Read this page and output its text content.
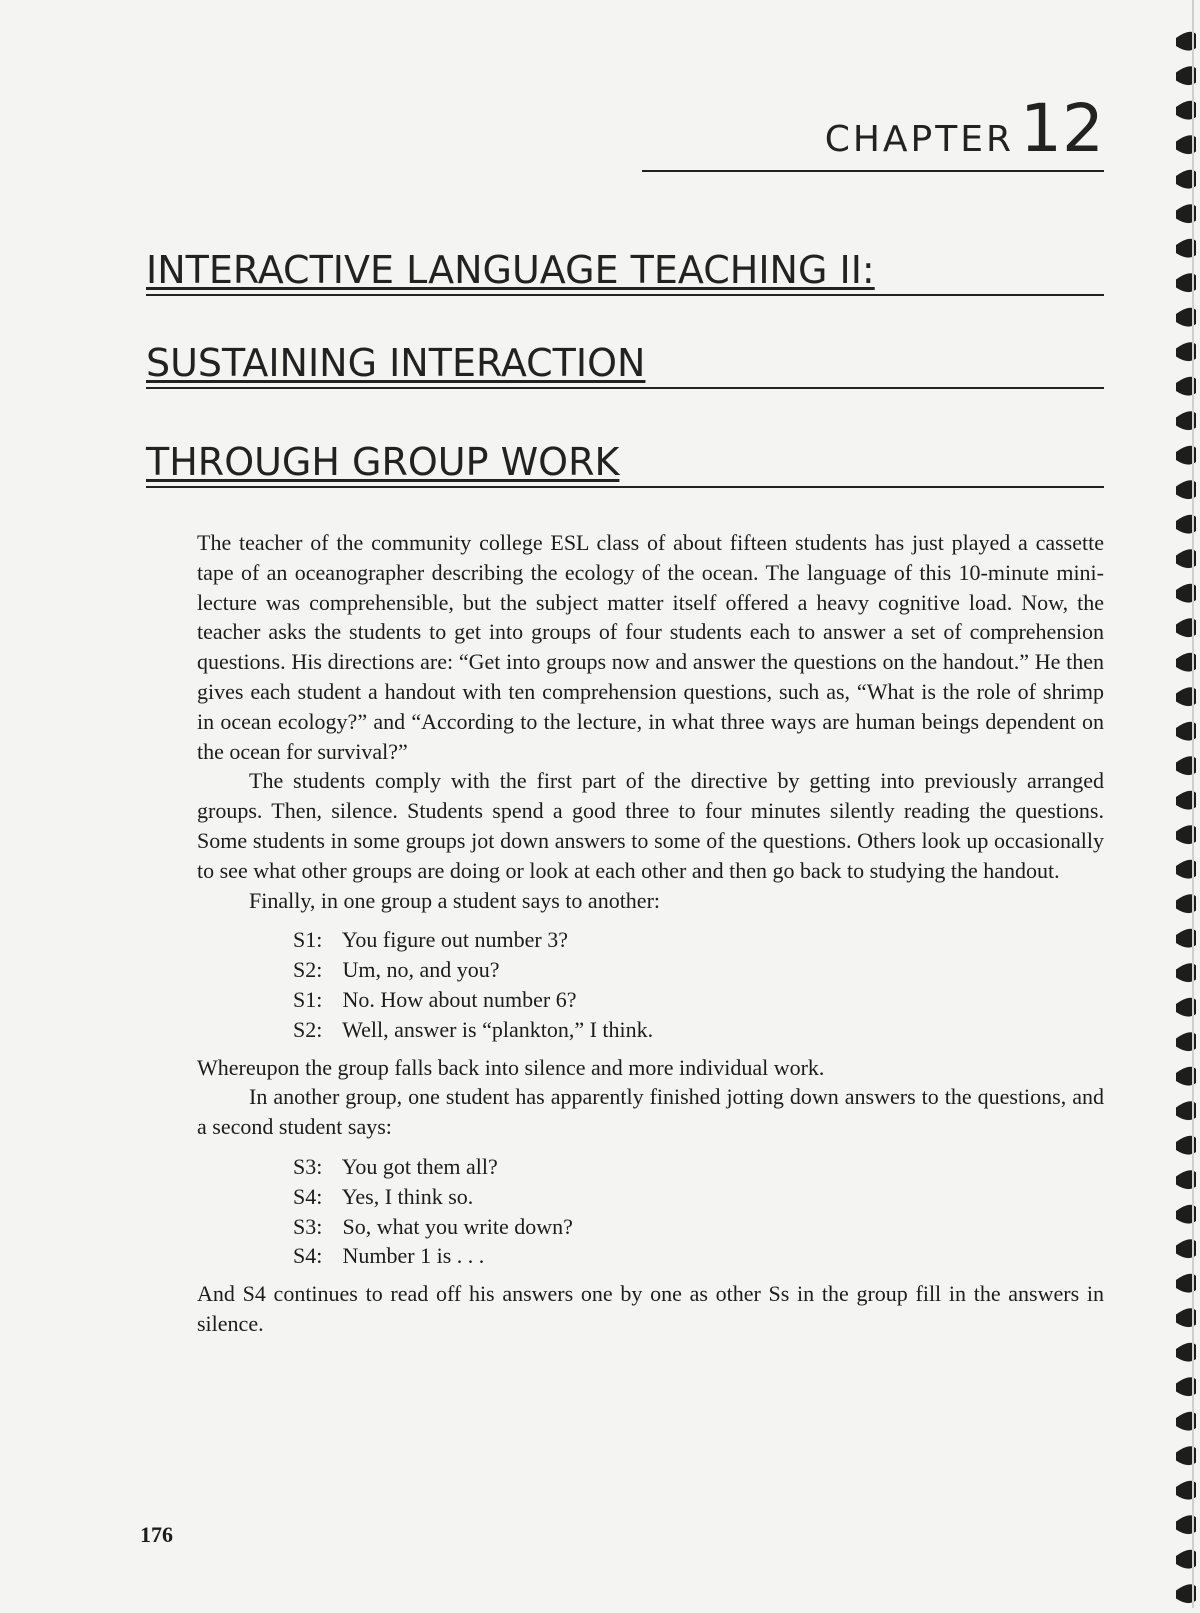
CHAPTER12
INTERACTIVE LANGUAGE TEACHING II:
SUSTAINING INTERACTION
THROUGH GROUP WORK

The teacher of the community college ESL class of about fifteen students has just played a cassette tape of an oceanographer describing the ecology of the ocean. The language of this 10-minute mini-lecture was comprehensible, but the subject matter itself offered a heavy cognitive load. Now, the teacher asks the students to get into groups of four students each to answer a set of comprehension questions. His directions are: “Get into groups now and answer the questions on the handout.” He then gives each student a handout with ten comprehension questions, such as, “What is the role of shrimp in ocean ecology?” and “According to the lecture, in what three ways are human beings dependent on the ocean for survival?”

The students comply with the first part of the directive by getting into previously arranged groups. Then, silence. Students spend a good three to four minutes silently reading the questions. Some students in some groups jot down answers to some of the questions. Others look up occasionally to see what other groups are doing or look at each other and then go back to studying the handout.

Finally, in one group a student says to another:

S1: You figure out number 3?
S2: Um, no, and you?
S1: No. How about number 6?
S2: Well, answer is “plankton,” I think.

Whereupon the group falls back into silence and more individual work.

In another group, one student has apparently finished jotting down answers to the questions, and a second student says:

S3: You got them all?
S4: Yes, I think so.
S3: So, what you write down?
S4: Number 1 is . . .

And S4 continues to read off his answers one by one as other Ss in the group fill in the answers in silence.

176
